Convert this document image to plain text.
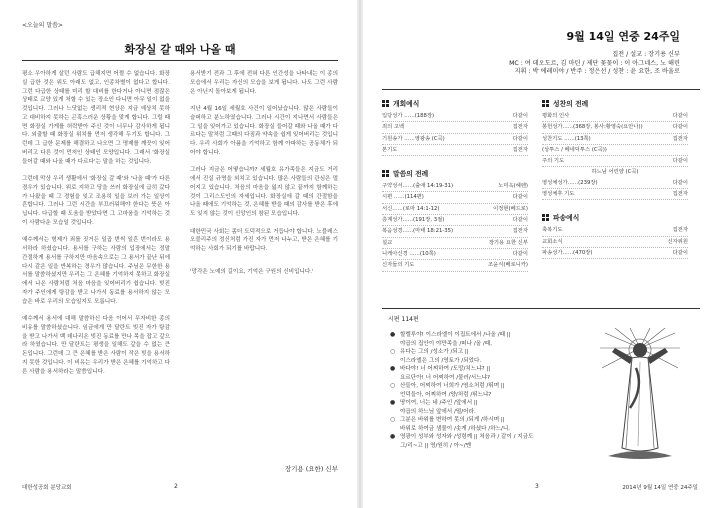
<오늘의 말씀>
화장실 갈 때와 나올 때

평소 우아하게 살던 사람도 급해지면 어쩔 수 없습니다. 화장실 급한 것은 위도 아래도 없고, 인종차별이 없다고 합니다. 그런 다급한 상태를 미리 할 대비를 한다거나 아니면 점잖은 상태로 교양 있게 처할 수 있는 장소인 다니면 아무 일이 없을 것입니다. 그러나 느닷없는 생리적 현상은 지금 예상치 못하고 대비하지 못하는 곤혹스러운 상황을 맞게 합니다. 그럴 때면 화장실 가게를 허락받아 주신 것이 너무나 감사하게 됩니다. 외출할 때 화장실 위치를 먼저 생각해 두기도 합니다. 그런데 그 급한 문제를 해결하고 나오면 그 명제를 깨끗이 잊어버리고 다른 것이 먼저인 상태인 모양입니다. 그래서 '화장실 들어갈 때와 나올 때가 다르다'는 말을 하는 것입니다.

그런데 막상 우리 생활에서 '화장실 갈 때'와 '나올 때'가 다른 경우가 있습니다. 위로 지하고 당을 쓰러 화장실에 급히 갔다가 나왔을 때 그 경험을 잊고 조용히 일을 보러 가는 일상이 흔합니다. 그러나 그런 시간을 부끄러워해야 한다는 뜻은 아닙니다. 다급할 때 도움을 받았다면 그 고마움을 기억하는 것이 사람다운 모습일 것입니다.

예수께서는 형제가 죄를 짓거든 일곱 번씩 일흔 번이라도 용서하라 하셨습니다. 용서를 구하는 사람의 입장에서는 정말 간절하게 용서를 구하지만 마음속으로는 그 용서가 끝난 뒤에 다시 같은 일을 반복하는 경우가 많습니다. 주님은 무한한 용서를 말씀하셨지만 우리는 그 은혜를 기억하지 못하고 화장실에서 나온 사람처럼 처음 마음을 잊어버리기 쉽습니다. 빚진 자가 주인에게 탕감을 받고 나가서 동료를 용서하지 않는 모습은 바로 우리의 모습일지도 모릅니다.

예수께서 용서에 대해 말씀하신 다음 이어서 무자비한 종의 비유를 말씀하셨습니다. 임금에게 만 달란트 빚진 자가 탕감을 받고 나가서 백 데나리온 빚진 동료를 만나 목을 잡고 갚으라 하였습니다. 만 달란트는 평생을 일해도 갚을 수 없는 큰 돈입니다. 그런데 그 큰 은혜를 받은 사람이 작은 빚을 용서하지 못한 것입니다. 이 비유는 우리가 받은 은혜를 기억하고 다른 사람을 용서하라는 말씀입니다.

용서받기 전과 그 후에 전혀 다른 인간성을 나타내는 이 종의 모습에서 우리는 자신의 모습을 보게 됩니다. 나도 그런 사람은 아닌지 돌아보게 됩니다.

지난 4월 16일 세월호 사건이 일어났습니다. 많은 사람들이 슬퍼하고 분노하였습니다. 그러나 시간이 지나면서 사람들은 그 일을 잊어가고 있습니다. 화장실 들어갈 때와 나올 때가 다르다는 말처럼 그때의 다짐과 약속을 쉽게 잊어버리는 것입니다. 우리 사회가 아픔을 기억하고 함께 아파하는 공동체가 되어야 합니다.

그러나 지금은 어떻습니까? 세월호 유가족들은 지금도 거리에서 진실 규명을 외치고 있습니다. 많은 사람들의 관심은 멀어지고 있습니다. 처음의 마음을 잃지 않고 끝까지 함께하는 것이 그리스도인의 자세입니다. 화장실에 갈 때의 간절함을 나올 때에도 기억하는 것, 은혜를 받을 때의 감사를 받은 후에도 잊지 않는 것이 신앙인의 참된 모습입니다.

대한민국 사회는 좀더 도덕적으로 거듭나야 합니다. 노블레스 오블리주의 정신처럼 가진 자가 먼저 나누고, 받은 은혜를 기억하는 사회가 되기를 바랍니다.

'망각은 노예의 길이요, 기억은 구원의 신비입니다.'

장기용 (요한) 신부
대한성공회 분당교회	2
9월 14일 연중 24주일
집전 / 설교 : 장기용 신부
MC : 여 데오도르, 김 마틴 / 제단 꽃꽂이 : 이 아그네스, 노 해린
지휘 : 박 에레미야 / 반주 : 정은선 / 성찬 : 윤 요한, 조 바울로
개회예식
입당성가 ……(188장)	다같이
죄의 고백	집전자
기원송가 ……영광송 (C곡)	다같이
본기도	집전자
말씀의 전례
구약성서……(출애 14:19-31)	노미옥(헤렌)
시편 ……(114편)	다같이
서신……(로마 14:1-12)	이정현(베드로)
층계성가……(191장, 3절)	다같이
복음성경……(마태 18:21-35)	집전자
설교	장기용 요한 신부
니케아신경 ……(10쪽)	다같이
신자들의 기도	조윤식(베로니카)
성찬의 전례
평화의 인사	다같이
봉헌성가……(368장, 봉사:황영숙(요안나))	다같이
성찬기도 ……(13쪽)	집전자
(상투스 / 베네딕투스 (C곡))
주의 기도	다같이
하느님 어린양 (C곡)
영성체성가……(239장)	다같이
영성체후 기도	집전자
파송예식
축복기도	집전자
교회소식	신자위원
파송성가……(470장)	다같이
시편 114편
● 할렐루야! 이스라엘이 이집트에서 /나올 /때 ||
야곱의 집안이 야만족을 /떠나 /올 /때,
○ 유다는 그의 /성소가 /되고 ||
이스라엘은 그의 /영토가 /되었다.
● 바다야! 너 어찌하여 /도망/치느냐? ||
요르단아! 너 어찌하여 /물러/서느냐?
○ 산들아, 어찌하여 너희가 /염소처럼 /뛰며 ||
언덕들아, 어찌하여 /양/처럼 /뛰느냐?
● 땅이여, 너는 네 /주인 /앞에서 ||
야곱의 하느님 앞에서 /떨/어라.
○ 그분은 바위를 변하여 못의 /되게 /하시며 ||
바위로 하여금 샘물이 /솟게 /하셨다 /하느/니.
● 영광이 성부와 성자와 /성령께 || 처음과 / 같이 / 지금도
그/리~고 || 영/원히 / 아~/멘
3	2014년 9월 14일 연중 24주일
